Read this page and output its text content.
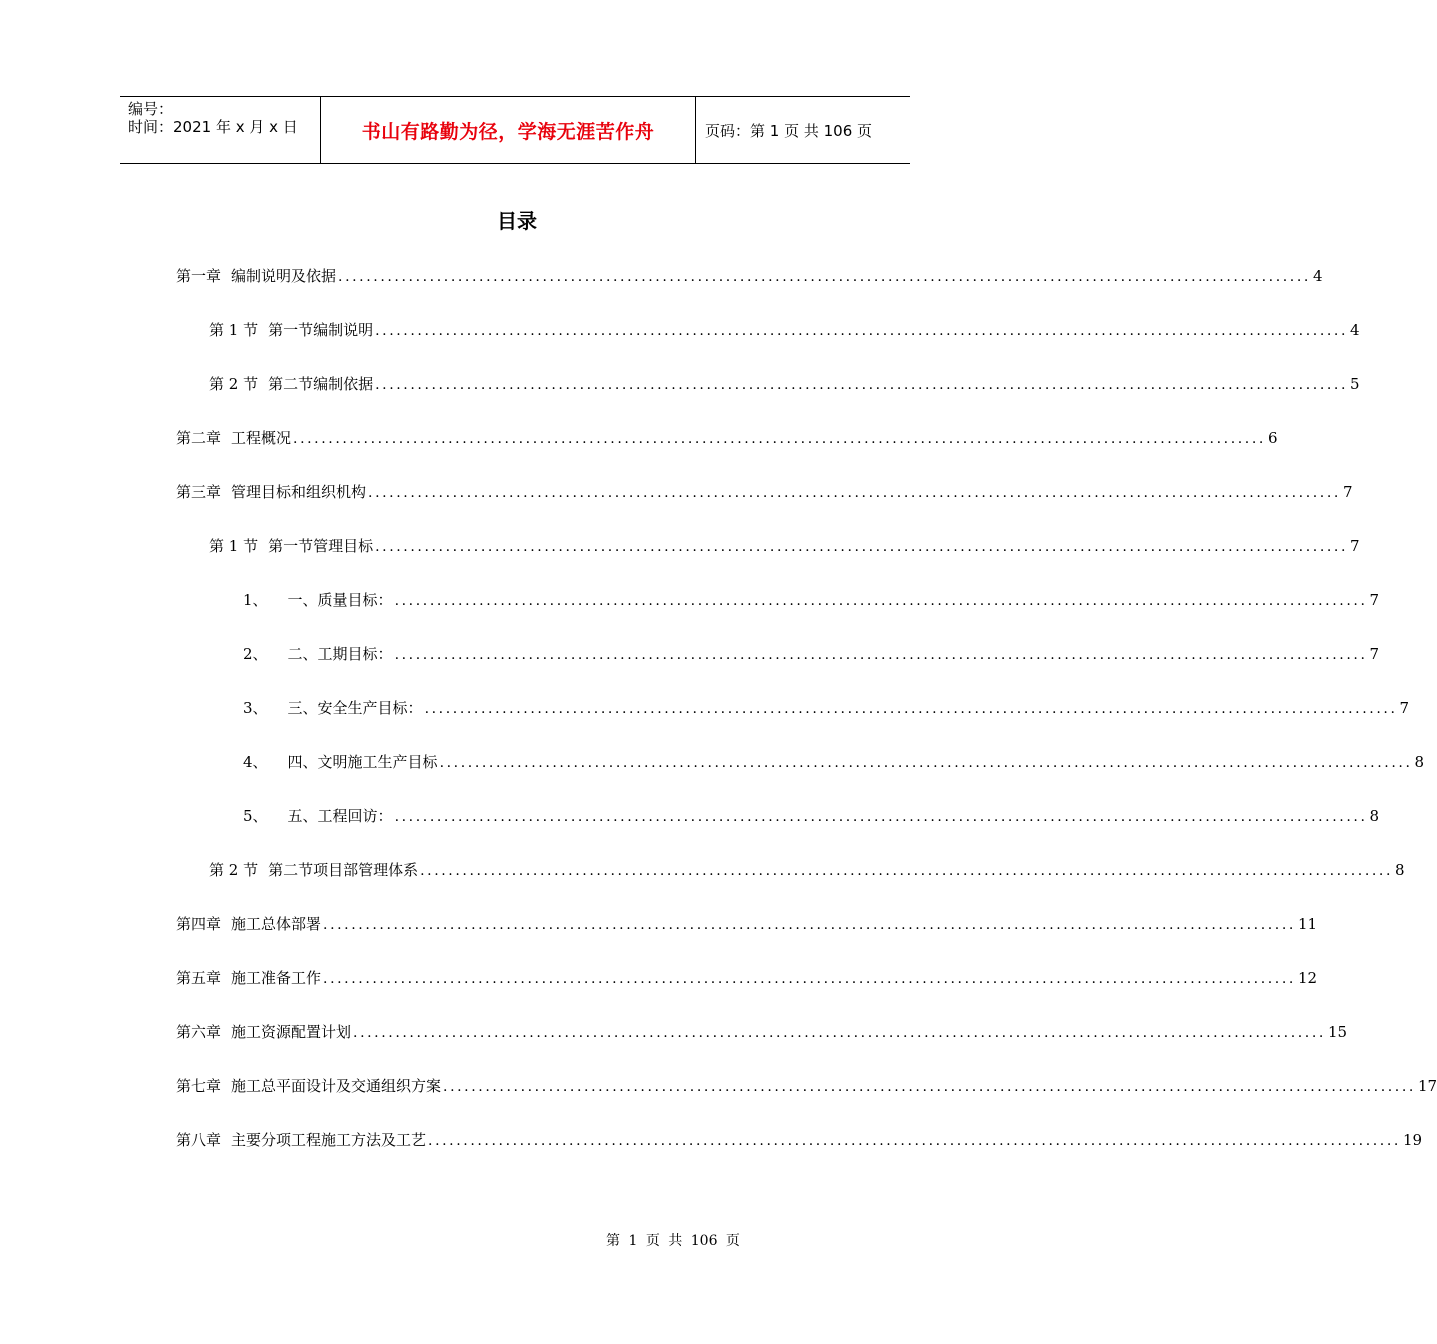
编号：
时间：2021 年 x 月 x 日	书山有路勤为径，学海无涯苦作舟	页码：第 1 页 共 106 页
目录
第一章 编制说明及依据 .......................................................................................................................................... 4
第 1 节 第一节编制说明 .......................................................................................................................................... 4
第 2 节 第二节编制依据 .......................................................................................................................................... 5
第二章 工程概况 .......................................................................................................................................... 6
第三章 管理目标和组织机构 .......................................................................................................................................... 7
第 1 节 第一节管理目标 .......................................................................................................................................... 7
1、 一、质量目标： .......................................................................................................................................... 7
2、 二、工期目标： .......................................................................................................................................... 7
3、 三、安全生产目标： .......................................................................................................................................... 7
4、 四、文明施工生产目标 .......................................................................................................................................... 8
5、 五、工程回访： .......................................................................................................................................... 8
第 2 节 第二节项目部管理体系 .......................................................................................................................................... 8
第四章 施工总体部署 .......................................................................................................................................... 11
第五章 施工准备工作 .......................................................................................................................................... 12
第六章 施工资源配置计划 .......................................................................................................................................... 15
第七章 施工总平面设计及交通组织方案 .......................................................................................................................................... 17
第八章 主要分项工程施工方法及工艺 .......................................................................................................................................... 19
第 1 页 共 106 页
